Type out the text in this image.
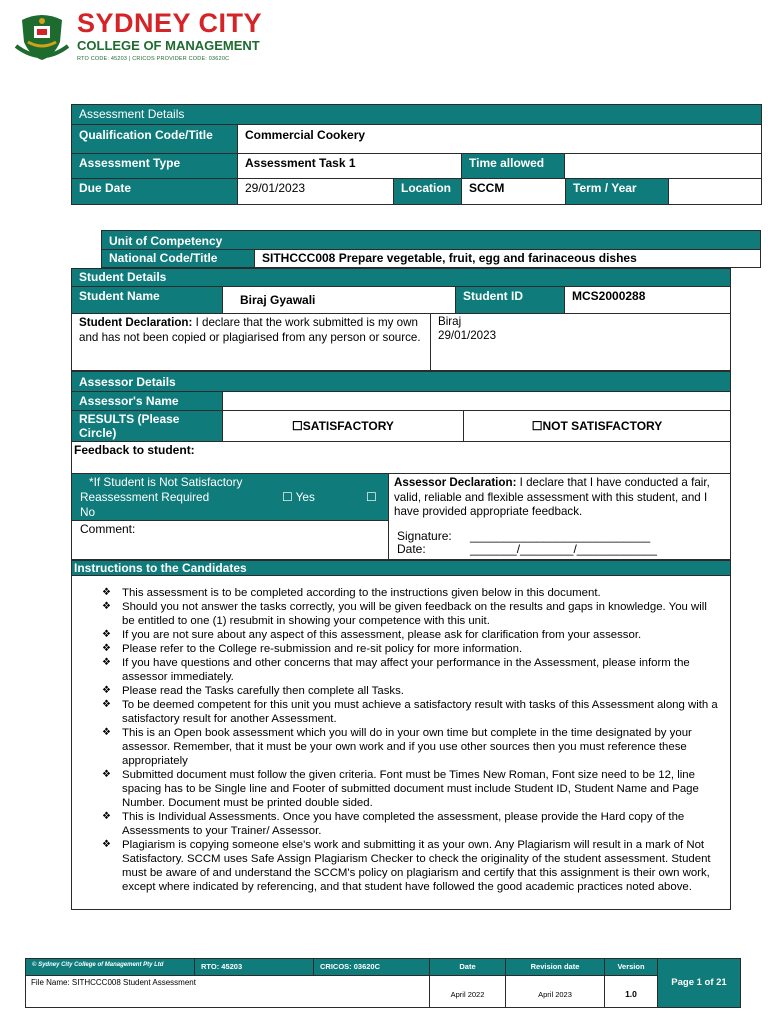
SYDNEY CITY
COLLEGE OF MANAGEMENT
RTO CODE: 45203 | CRICOS PROVIDER CODE: 03620C
Assessment Details
Qualification Code/Title	Commercial Cookery
Assessment Type	Assessment Task 1	Time allowed
Due Date	29/01/2023	Location	SCCM	Term / Year
Unit of Competency
National Code/Title	SITHCCC008 Prepare vegetable, fruit, egg and farinaceous dishes
Student Details
Student Name	Biraj Gyawali	Student ID	MCS2000288
Student Declaration: I declare that the work submitted is my own and has not been copied or plagiarised from any person or source.
Biraj
29/01/2023
Assessor Details
Assessor's Name
RESULTS (Please Circle)	☐SATISFACTORY	☐NOT SATISFACTORY
Feedback to student:
*If Student is Not Satisfactory
Reassessment Required	☐ Yes	☐
No
Comment:
Assessor Declaration: I declare that I have conducted a fair, valid, reliable and flexible assessment with this student, and I have provided appropriate feedback.
Signature: ___________________________
Date:	_______/________/____________
Instructions to the Candidates
❖ This assessment is to be completed according to the instructions given below in this document.
❖ Should you not answer the tasks correctly, you will be given feedback on the results and gaps in knowledge. You will be entitled to one (1) resubmit in showing your competence with this unit.
❖ If you are not sure about any aspect of this assessment, please ask for clarification from your assessor.
❖ Please refer to the College re-submission and re-sit policy for more information.
❖ If you have questions and other concerns that may affect your performance in the Assessment, please inform the assessor immediately.
❖ Please read the Tasks carefully then complete all Tasks.
❖ To be deemed competent for this unit you must achieve a satisfactory result with tasks of this Assessment along with a satisfactory result for another Assessment.
❖ This is an Open book assessment which you will do in your own time but complete in the time designated by your assessor. Remember, that it must be your own work and if you use other sources then you must reference these appropriately
❖ Submitted document must follow the given criteria. Font must be Times New Roman, Font size need to be 12, line spacing has to be Single line and Footer of submitted document must include Student ID, Student Name and Page Number. Document must be printed double sided.
❖ This is Individual Assessments. Once you have completed the assessment, please provide the Hard copy of the Assessments to your Trainer/ Assessor.
❖ Plagiarism is copying someone else's work and submitting it as your own. Any Plagiarism will result in a mark of Not Satisfactory. SCCM uses Safe Assign Plagiarism Checker to check the originality of the student assessment. Student must be aware of and understand the SCCM's policy on plagiarism and certify that this assignment is their own work, except where indicated by referencing, and that student have followed the good academic practices noted above.
© Sydney City College of Management Pty Ltd	RTO: 45203	CRICOS: 03620C	Date	Revision date	Version
Page 1 of 21
File Name: SITHCCC008 Student Assessment
April 2022	April 2023	1.0
